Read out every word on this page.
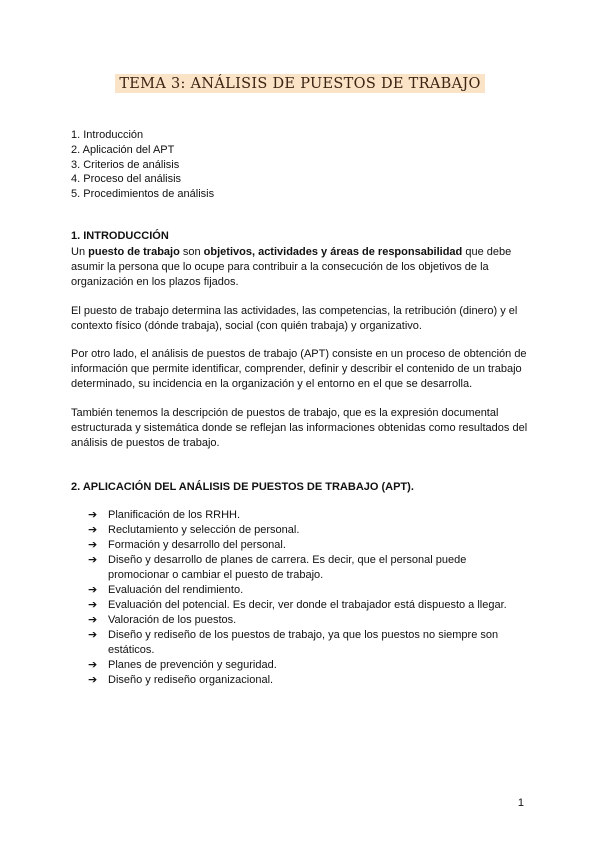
TEMA 3: ANÁLISIS DE PUESTOS DE TRABAJO
1. Introducción
2. Aplicación del APT
3. Criterios de análisis
4. Proceso del análisis
5. Procedimientos de análisis
1. INTRODUCCIÓN

Un puesto de trabajo son objetivos, actividades y áreas de responsabilidad que debe asumir la persona que lo ocupe para contribuir a la consecución de los objetivos de la organización en los plazos fijados.

El puesto de trabajo determina las actividades, las competencias, la retribución (dinero) y el contexto físico (dónde trabaja), social (con quién trabaja) y organizativo.

Por otro lado, el análisis de puestos de trabajo (APT) consiste en un proceso de obtención de información que permite identificar, comprender, definir y describir el contenido de un trabajo determinado, su incidencia en la organización y el entorno en el que se desarrolla.

También tenemos la descripción de puestos de trabajo, que es la expresión documental estructurada y sistemática donde se reflejan las informaciones obtenidas como resultados del análisis de puestos de trabajo.

2. APLICACIÓN DEL ANÁLISIS DE PUESTOS DE TRABAJO (APT).
➔ Planificación de los RRHH.
➔ Reclutamiento y selección de personal.
➔ Formación y desarrollo del personal.
➔ Diseño y desarrollo de planes de carrera. Es decir, que el personal puede promocionar o cambiar el puesto de trabajo.
➔ Evaluación del rendimiento.
➔ Evaluación del potencial. Es decir, ver donde el trabajador está dispuesto a llegar.
➔ Valoración de los puestos.
➔ Diseño y rediseño de los puestos de trabajo, ya que los puestos no siempre son estáticos.
➔ Planes de prevención y seguridad.
➔ Diseño y rediseño organizacional.
1
